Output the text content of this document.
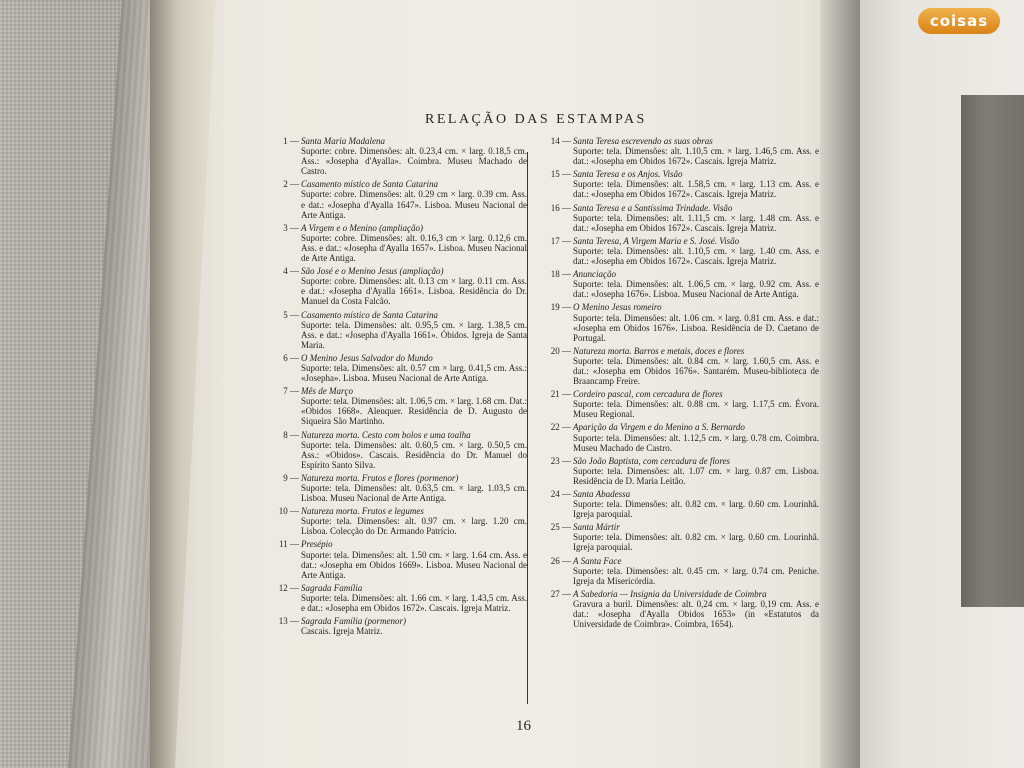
RELAÇÃO DAS ESTAMPAS
1 — Santa Maria Madalena
Suporte: cobre. Dimensões: alt. 0.23,4 cm. × larg. 0.18,5 cm. Ass.: «Josepha d'Ayalla». Coimbra. Museu Machado de Castro.
2 — Casamento místico de Santa Catarina
Suporte: cobre. Dimensões: alt. 0.29 cm × larg. 0.39 cm. Ass. e dat.: «Josepha d'Ayalla 1647». Lisboa. Museu Nacional de Arte Antiga.
3 — A Virgem e o Menino (ampliação)
Suporte: cobre. Dimensões: alt. 0.16,3 cm × larg. 0.12,6 cm. Ass. e dat.: «Josepha d'Ayalla 1657». Lisboa. Museu Nacional de Arte Antiga.
4 — São José e o Menino Jesus (ampliação)
Suporte: cobre. Dimensões: alt. 0.13 cm × larg. 0.11 cm. Ass. e dat.: «Josepha d'Ayalla 1661». Lisboa. Residência do Dr. Manuel da Costa Falcão.
5 — Casamento místico de Santa Catarina
Suporte: tela. Dimensões: alt. 0.95,5 cm. × larg. 1.38,5 cm. Ass. e dat.: «Josepha d'Ayalla 1661». Óbidos. Igreja de Santa Maria.
6 — O Menino Jesus Salvador do Mundo
Suporte: tela. Dimensões: alt. 0.57 cm × larg. 0.41,5 cm. Ass.: «Josepha». Lisboa. Museu Nacional de Arte Antiga.
7 — Mês de Março
Suporte: tela. Dimensões: alt. 1.06,5 cm. × larg. 1.68 cm. Dat.: «Obidos 1668». Alenquer. Residência de D. Augusto de Siqueira São Martinho.
8 — Natureza morta. Cesto com bolos e uma toalha
Suporte: tela. Dimensões: alt. 0.60,5 cm. × larg. 0.50,5 cm. Ass.: «Obidos». Cascais. Residência do Dr. Manuel do Espírito Santo Silva.
9 — Natureza morta. Frutos e flores (pormenor)
Suporte: tela. Dimensões: alt. 0.63,5 cm. × larg. 1.03,5 cm. Lisboa. Museu Nacional de Arte Antiga.
10 — Natureza morta. Frutos e legumes
Suporte: tela. Dimensões: alt. 0.97 cm. × larg. 1.20 cm. Lisboa. Colecção do Dr. Armando Patrício.
11 — Presépio
Suporte: tela. Dimensões: alt. 1.50 cm. × larg. 1.64 cm. Ass. e dat.: «Josepha em Obidos 1669». Lisboa. Museu Nacional de Arte Antiga.
12 — Sagrada Família
Suporte: tela. Dimensões: alt. 1.66 cm. × larg. 1.43,5 cm. Ass. e dat.: «Josepha em Obidos 1672». Cascais. Igreja Matriz.
13 — Sagrada Família (pormenor)
Cascais. Igreja Matriz.
14 — Santa Teresa escrevendo as suas obras
Suporte: tela. Dimensões: alt. 1.10,5 cm. × larg. 1.46,5 cm. Ass. e dat.: «Josepha em Obidos 1672». Cascais. Igreja Matriz.
15 — Santa Teresa e os Anjos. Visão
Suporte: tela. Dimensões: alt. 1.58,5 cm. × larg. 1.13 cm. Ass. e dat.: «Josepha em Obidos 1672». Cascais. Igreja Matriz.
16 — Santa Teresa e a Santíssima Trindade. Visão
Suporte: tela. Dimensões: alt. 1.11,5 cm. × larg. 1.48 cm. Ass. e dat.: «Josepha em Obidos 1672». Cascais. Igreja Matriz.
17 — Santa Teresa, A Virgem Maria e S. José. Visão
Suporte: tela. Dimensões: alt. 1.10,5 cm. × larg. 1.40 cm. Ass. e dat.: «Josepha em Obidos 1672». Cascais. Igreja Matriz.
18 — Anunciação
Suporte: tela. Dimensões: alt. 1.06,5 cm. × larg. 0.92 cm. Ass. e dat.: «Josepha 1676». Lisboa. Museu Nacional de Arte Antiga.
19 — O Menino Jesus romeiro
Suporte: tela. Dimensões: alt. 1.06 cm. × larg. 0.81 cm. Ass. e dat.: «Josepha em Obidos 1676». Lisboa. Residência de D. Caetano de Portugal.
20 — Natureza morta. Barros e metais, doces e flores
Suporte: tela. Dimensões: alt. 0.84 cm. × larg. 1.60,5 cm. Ass. e dat.: «Josepha em Obidos 1676». Santarém. Museu-biblioteca de Braancamp Freire.
21 — Cordeiro pascal, com cercadura de flores
Suporte: tela. Dimensões: alt. 0.88 cm. × larg. 1.17,5 cm. Évora. Museu Regional.
22 — Aparição da Virgem e do Menino a S. Bernardo
Suporte: tela. Dimensões: alt. 1.12,5 cm. × larg. 0.78 cm. Coimbra. Museu Machado de Castro.
23 — São João Baptista, com cercadura de flores
Suporte: tela. Dimensões: alt. 1.07 cm. × larg. 0.87 cm. Lisboa. Residência de D. Maria Leitão.
24 — Santa Abadessa
Suporte: tela. Dimensões: alt. 0.82 cm. × larg. 0.60 cm. Lourinhã. Igreja paroquial.
25 — Santa Mártir
Suporte: tela. Dimensões: alt. 0.82 cm. × larg. 0.60 cm. Lourinhã. Igreja paroquial.
26 — A Santa Face
Suporte: tela. Dimensões: alt. 0.45 cm. × larg. 0.74 cm. Peniche. Igreja da Misericórdia.
27 — A Sabedoria — Insígnia da Universidade de Coimbra
Gravura a buril. Dimensões: alt. 0,24 cm. × larg. 0,19 cm. Ass. e dat.: «Josepha d'Ayalla Obidos 1653» (in «Estatutos da Universidade de Coimbra». Coimbra, 1654).
16
coisas
